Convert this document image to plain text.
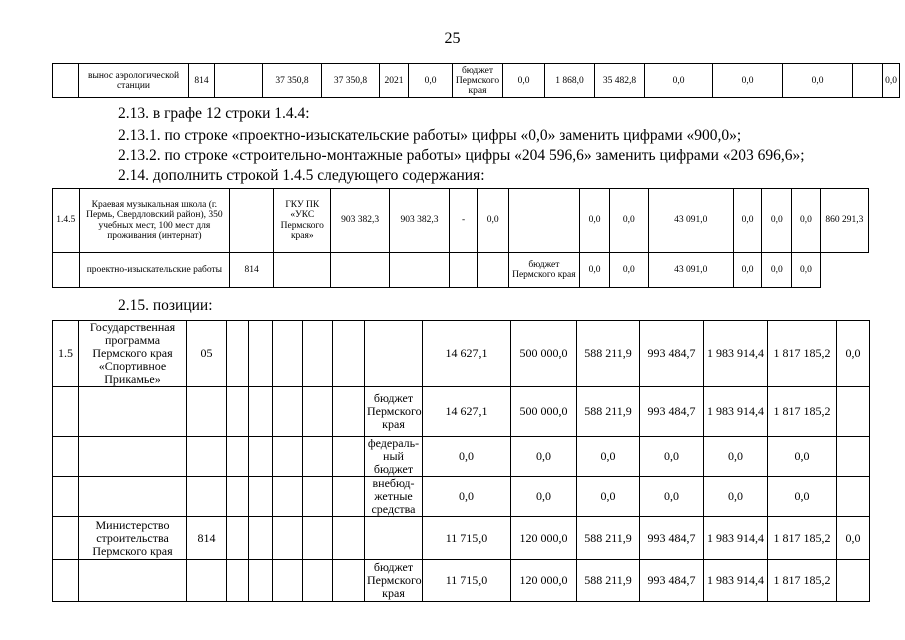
25
	вынос аэрологической станции	814		37 350,8	37 350,8	2021	0,0	бюджет Пермского края	0,0	1 868,0	35 482,8	0,0	0,0	0,0		0,0
2.13. в графе 12 строки 1.4.4:
2.13.1. по строке «проектно-изыскательские работы» цифры «0,0» заменить цифрами «900,0»;
2.13.2. по строке «строительно-монтажные работы» цифры «204 596,6» заменить цифрами «203 696,6»;
2.14. дополнить строкой 1.4.5 следующего содержания:
1.4.5	Краевая музыкальная школа (г. Пермь, Свердловский район), 350 учебных мест, 100 мест для проживания (интернат)		ГКУ ПК «УКС Пермского края»	903 382,3	903 382,3	-	0,0		0,0	0,0	43 091,0	0,0	0,0	0,0	860 291,3
	проектно-изыскательские работы	814						бюджет Пермского края	0,0	0,0	43 091,0	0,0	0,0	0,0	
2.15. позиции:
1.5	Государственная программа Пермского края «Спортивное Прикамье»	05							14 627,1	500 000,0	588 211,9	993 484,7	1 983 914,4	1 817 185,2	0,0
								бюджет Пермского края	14 627,1	500 000,0	588 211,9	993 484,7	1 983 914,4	1 817 185,2	
								федераль-ный бюджет	0,0	0,0	0,0	0,0	0,0	0,0	
								внебюд-жетные средства	0,0	0,0	0,0	0,0	0,0	0,0	
	Министерство строительства Пермского края	814							11 715,0	120 000,0	588 211,9	993 484,7	1 983 914,4	1 817 185,2	0,0
								бюджет Пермского края	11 715,0	120 000,0	588 211,9	993 484,7	1 983 914,4	1 817 185,2	
